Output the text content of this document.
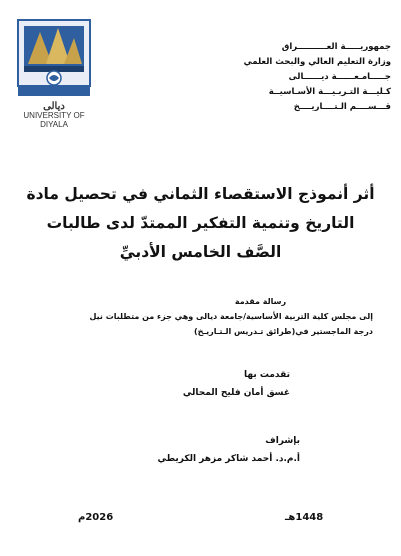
دیالی
UNIVERSITY OF DIYALA
جمهوريـــــة العــــــــــراق
وزارة التعليم العالي والبحث العلمي
جـــــامـعــــــة ديــــــالى
كـليـــة التـربـيـــة الأسـاسيــة
قـــســــم الـتــــاريــــخ
أثر أنموذج الاستقصاء الثماني في تحصيل مادة
التاريخ وتنمية التفكير الممتدّ لدى طالبات
الصَّف الخامس الأدبيِّ
رسالة مقدمة
إلى مجلس كلية التربية الأساسية/جامعة ديالى وهي جزء من متطلبات نيل
درجة الماجستير في(طرائق تـدريس الـتـاريـخ)
تقدمت بها
غسق أمان فليح المحالي
بإشراف
أ.م.د. أحمد شاكر مزهر الكريطي
1448هـ
2026م
